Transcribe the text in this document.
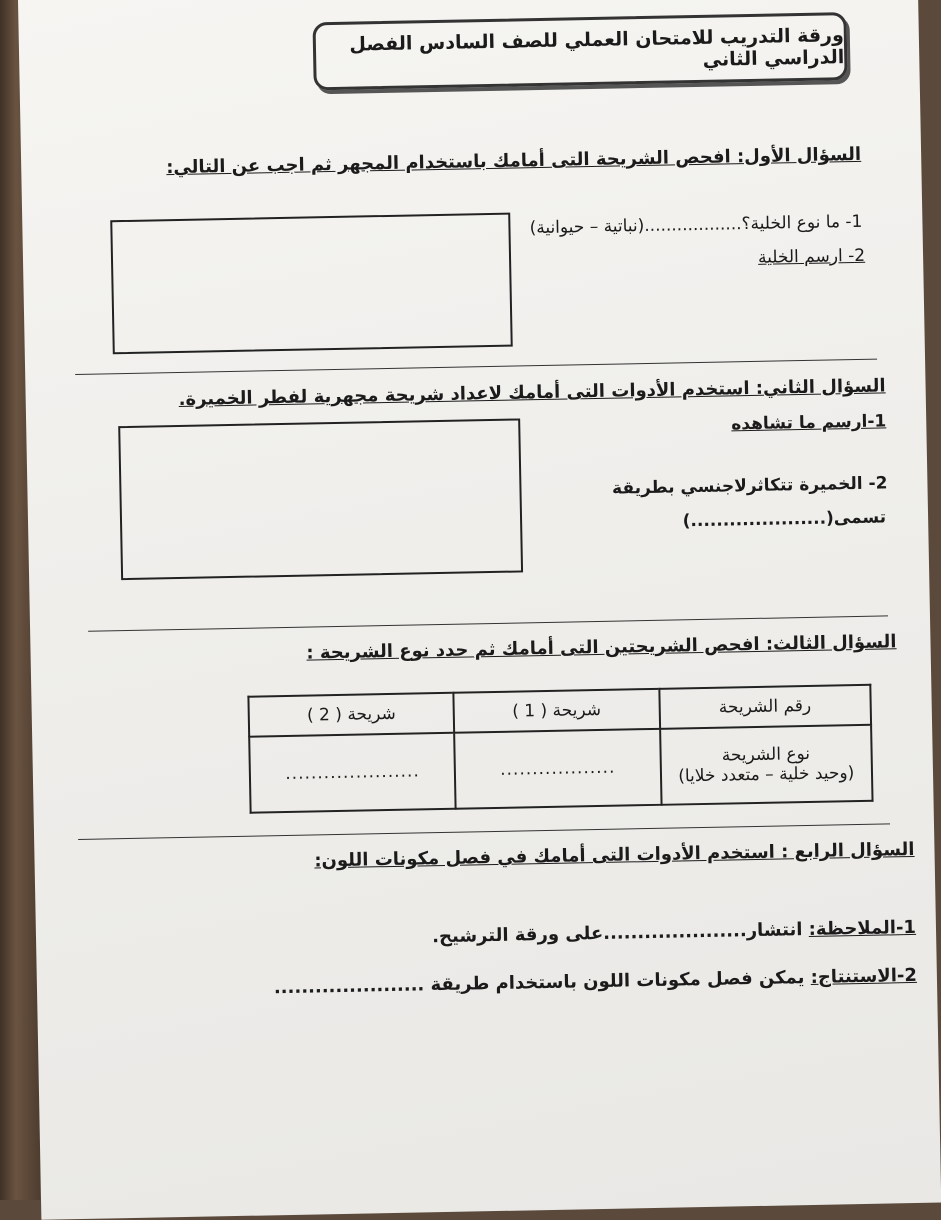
ورقة التدريب للامتحان العملي للصف السادس الفصل الدراسي الثاني
السؤال الأول: افحص الشريحة التى أمامك باستخدام المجهر ثم اجب عن التالي:
1- ما نوع الخلية؟..................(نباتية – حيوانية)
2- ارسم الخلية
السؤال الثاني: استخدم الأدوات التى أمامك لاعداد شريحة مجهرية لفطر الخميرة.
1-ارسم ما تشاهده
2- الخميرة تتكاثرلاجنسي بطريقة
تسمى(.....................)
السؤال الثالث: افحص الشريحتين التى أمامك ثم حدد نوع الشريحة :
رقم الشريحة	شريحة ( 1 )	شريحة ( 2 )

نوع الشريحة
(وحيد خلية – متعدد خلايا)	..................	.....................
السؤال الرابع : استخدم الأدوات التى أمامك في فصل مكونات اللون:
1-الملاحظة: انتشار.....................على ورقة الترشيح.
2-الاستنتاج: يمكن فصل مكونات اللون باستخدام طريقة ......................
